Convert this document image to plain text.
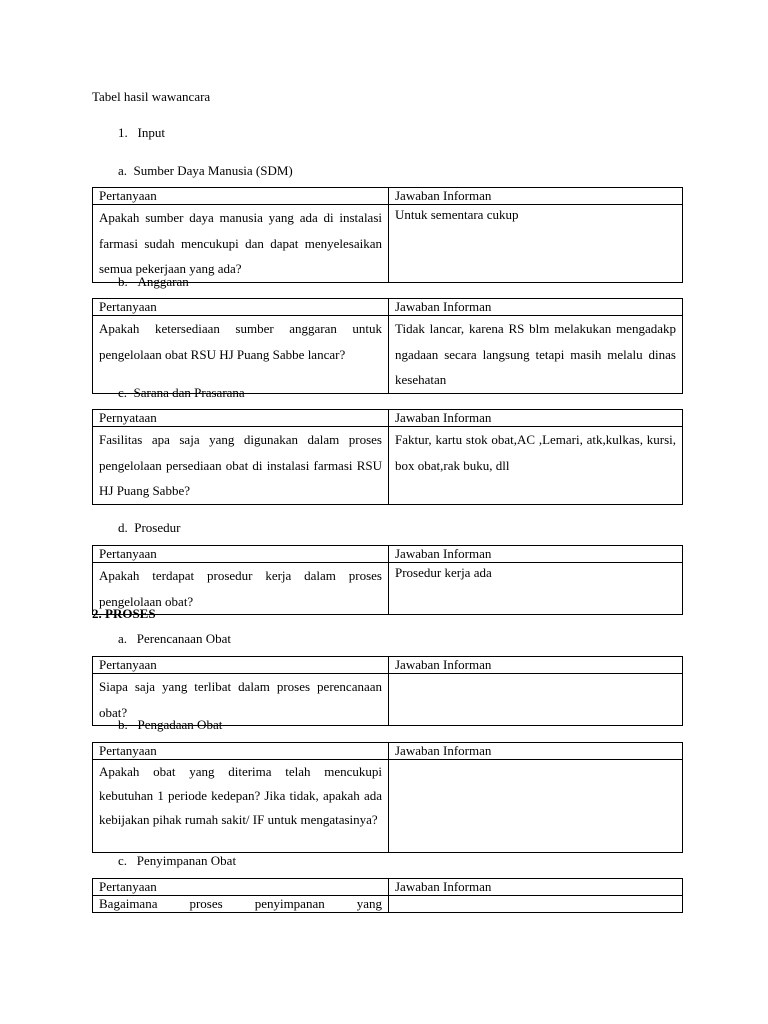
Tabel hasil wawancara
1.   Input
a.  Sumber Daya Manusia (SDM)
Pertanyaan	Jawaban Informan
Apakah sumber daya manusia yang ada di instalasi farmasi sudah mencukupi dan dapat menyelesaikan semua pekerjaan yang ada?	Untuk sementara cukup
b.   Anggaran
Pertanyaan	Jawaban Informan
Apakah ketersediaan sumber anggaran untuk pengelolaan obat RSU HJ Puang Sabbe lancar?	Tidak lancar, karena RS blm melakukan mengadakp ngadaan secara langsung tetapi masih melalu dinas kesehatan
c.  Sarana dan Prasarana
Pernyataan	Jawaban Informan
Fasilitas apa saja yang digunakan dalam proses pengelolaan persediaan obat di instalasi farmasi RSU HJ Puang Sabbe?	Faktur, kartu stok obat,AC ,Lemari, atk,kulkas, kursi, box obat,rak buku, dll
d.  Prosedur
Pertanyaan	Jawaban Informan
Apakah terdapat prosedur kerja dalam proses pengelolaan obat?	Prosedur kerja ada
2. PROSES
a.   Perencanaan Obat
Pertanyaan	Jawaban Informan
Siapa saja yang terlibat dalam proses perencanaan obat?	
b.   Pengadaan Obat
Pertanyaan	Jawaban Informan
Apakah obat yang diterima telah mencukupi kebutuhan 1 periode kedepan? Jika tidak, apakah ada kebijakan pihak rumah sakit/ IF untuk mengatasinya?	
c.   Penyimpanan Obat
Pertanyaan	Jawaban Informan
Bagaimana proses penyimpanan yang	
